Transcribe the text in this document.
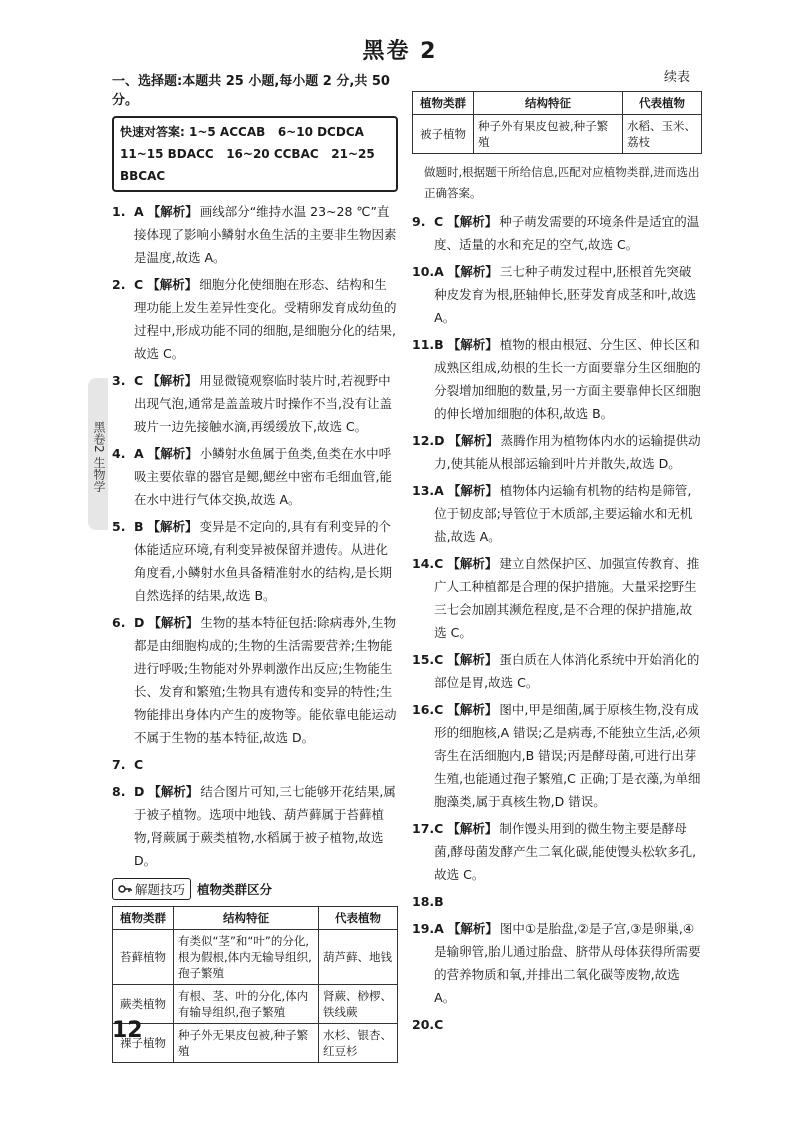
黑卷 2
黑卷2 生物学
一、选择题:本题共 25 小题,每小题 2 分,共 50 分。
快速对答案: 1~5 ACCAB 6~10 DCDCA
11~15 BDACC 16~20 CCBAC 21~25 BBCAC
1. A 【解析】 画线部分“维持水温 23~28 ℃”直接体现了影响小鳞射水鱼生活的主要非生物因素是温度,故选 A。
2. C 【解析】 细胞分化使细胞在形态、结构和生理功能上发生差异性变化。受精卵发育成幼鱼的过程中,形成功能不同的细胞,是细胞分化的结果,故选 C。
3. C 【解析】 用显微镜观察临时装片时,若视野中出现气泡,通常是盖盖玻片时操作不当,没有让盖玻片一边先接触水滴,再缓缓放下,故选 C。
4. A 【解析】 小鳞射水鱼属于鱼类,鱼类在水中呼吸主要依靠的器官是鳃,鳃丝中密布毛细血管,能在水中进行气体交换,故选 A。
5. B 【解析】 变异是不定向的,具有有利变异的个体能适应环境,有利变异被保留并遗传。从进化角度看,小鳞射水鱼具备精准射水的结构,是长期自然选择的结果,故选 B。
6. D 【解析】 生物的基本特征包括:除病毒外,生物都是由细胞构成的;生物的生活需要营养;生物能进行呼吸;生物能对外界刺激作出反应;生物能生长、发育和繁殖;生物具有遗传和变异的特性;生物能排出身体内产生的废物等。能依靠电能运动不属于生物的基本特征,故选 D。
7. C
8. D 【解析】 结合图片可知,三七能够开花结果,属于被子植物。选项中地钱、葫芦藓属于苔藓植物,肾蕨属于蕨类植物,水稻属于被子植物,故选 D。
解题技巧 植物类群区分
植物类群	结构特征	代表植物
苔藓植物	有类似“茎”和“叶”的分化,根为假根,体内无输导组织,孢子繁殖	葫芦藓、地钱
蕨类植物	有根、茎、叶的分化,体内有输导组织,孢子繁殖	肾蕨、桫椤、铁线蕨
裸子植物	种子外无果皮包被,种子繁殖	水杉、银杏、红豆杉
续表
植物类群	结构特征	代表植物
被子植物	种子外有果皮包被,种子繁殖	水稻、玉米、荔枝
做题时,根据题干所给信息,匹配对应植物类群,进而选出正确答案。
9. C 【解析】 种子萌发需要的环境条件是适宜的温度、适量的水和充足的空气,故选 C。
10. A 【解析】 三七种子萌发过程中,胚根首先突破种皮发育为根,胚轴伸长,胚芽发育成茎和叶,故选 A。
11. B 【解析】 植物的根由根冠、分生区、伸长区和成熟区组成,幼根的生长一方面要靠分生区细胞的分裂增加细胞的数量,另一方面主要靠伸长区细胞的伸长增加细胞的体积,故选 B。
12. D 【解析】 蒸腾作用为植物体内水的运输提供动力,使其能从根部运输到叶片并散失,故选 D。
13. A 【解析】 植物体内运输有机物的结构是筛管,位于韧皮部;导管位于木质部,主要运输水和无机盐,故选 A。
14. C 【解析】 建立自然保护区、加强宣传教育、推广人工种植都是合理的保护措施。大量采挖野生三七会加剧其濒危程度,是不合理的保护措施,故选 C。
15. C 【解析】 蛋白质在人体消化系统中开始消化的部位是胃,故选 C。
16. C 【解析】 图中,甲是细菌,属于原核生物,没有成形的细胞核,A 错误;乙是病毒,不能独立生活,必须寄生在活细胞内,B 错误;丙是酵母菌,可进行出芽生殖,也能通过孢子繁殖,C 正确;丁是衣藻,为单细胞藻类,属于真核生物,D 错误。
17. C 【解析】 制作馒头用到的微生物主要是酵母菌,酵母菌发酵产生二氧化碳,能使馒头松软多孔,故选 C。
18. B
19. A 【解析】 图中①是胎盘,②是子宫,③是卵巢,④是输卵管,胎儿通过胎盘、脐带从母体获得所需要的营养物质和氧,并排出二氧化碳等废物,故选 A。
20. C
12
